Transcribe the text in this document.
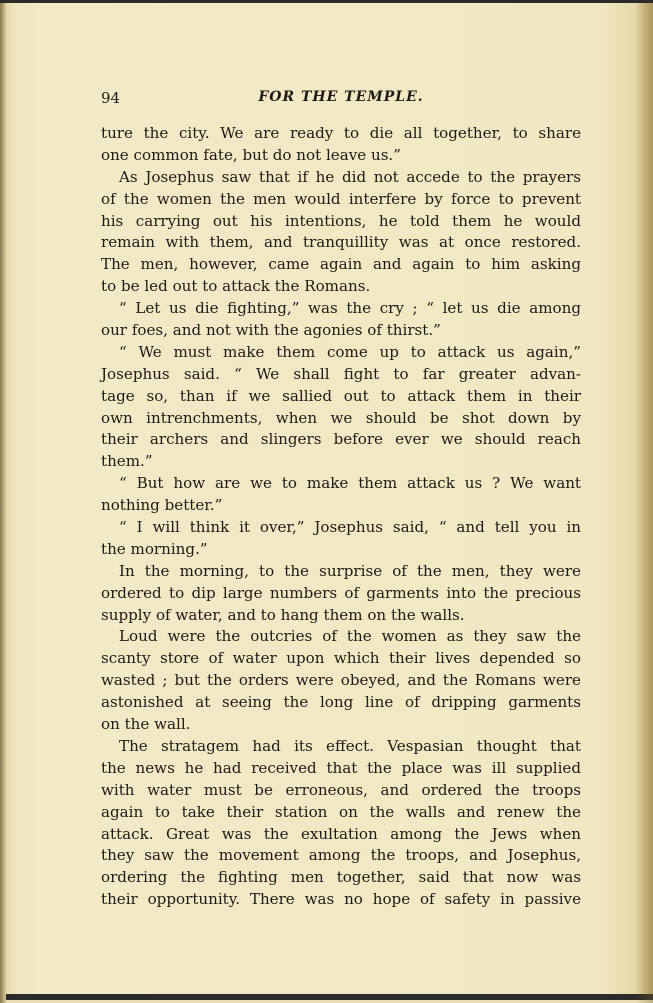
94	FOR THE TEMPLE.
ture the city. We are ready to die all together, to share
one common fate, but do not leave us.”
As Josephus saw that if he did not accede to the prayers
of the women the men would interfere by force to prevent
his carrying out his intentions, he told them he would
remain with them, and tranquillity was at once restored.
The men, however, came again and again to him asking
to be led out to attack the Romans.
“ Let us die fighting,” was the cry ; “ let us die among
our foes, and not with the agonies of thirst.”
“ We must make them come up to attack us again,”
Josephus said. “ We shall fight to far greater advan-
tage so, than if we sallied out to attack them in their
own intrenchments, when we should be shot down by
their archers and slingers before ever we should reach
them.”
“ But how are we to make them attack us ? We want
nothing better.”
“ I will think it over,” Josephus said, “ and tell you in
the morning.”
In the morning, to the surprise of the men, they were
ordered to dip large numbers of garments into the precious
supply of water, and to hang them on the walls.
Loud were the outcries of the women as they saw the
scanty store of water upon which their lives depended so
wasted ; but the orders were obeyed, and the Romans were
astonished at seeing the long line of dripping garments
on the wall.
The stratagem had its effect. Vespasian thought that
the news he had received that the place was ill supplied
with water must be erroneous, and ordered the troops
again to take their station on the walls and renew the
attack. Great was the exultation among the Jews when
they saw the movement among the troops, and Josephus,
ordering the fighting men together, said that now was
their opportunity. There was no hope of safety in passive
